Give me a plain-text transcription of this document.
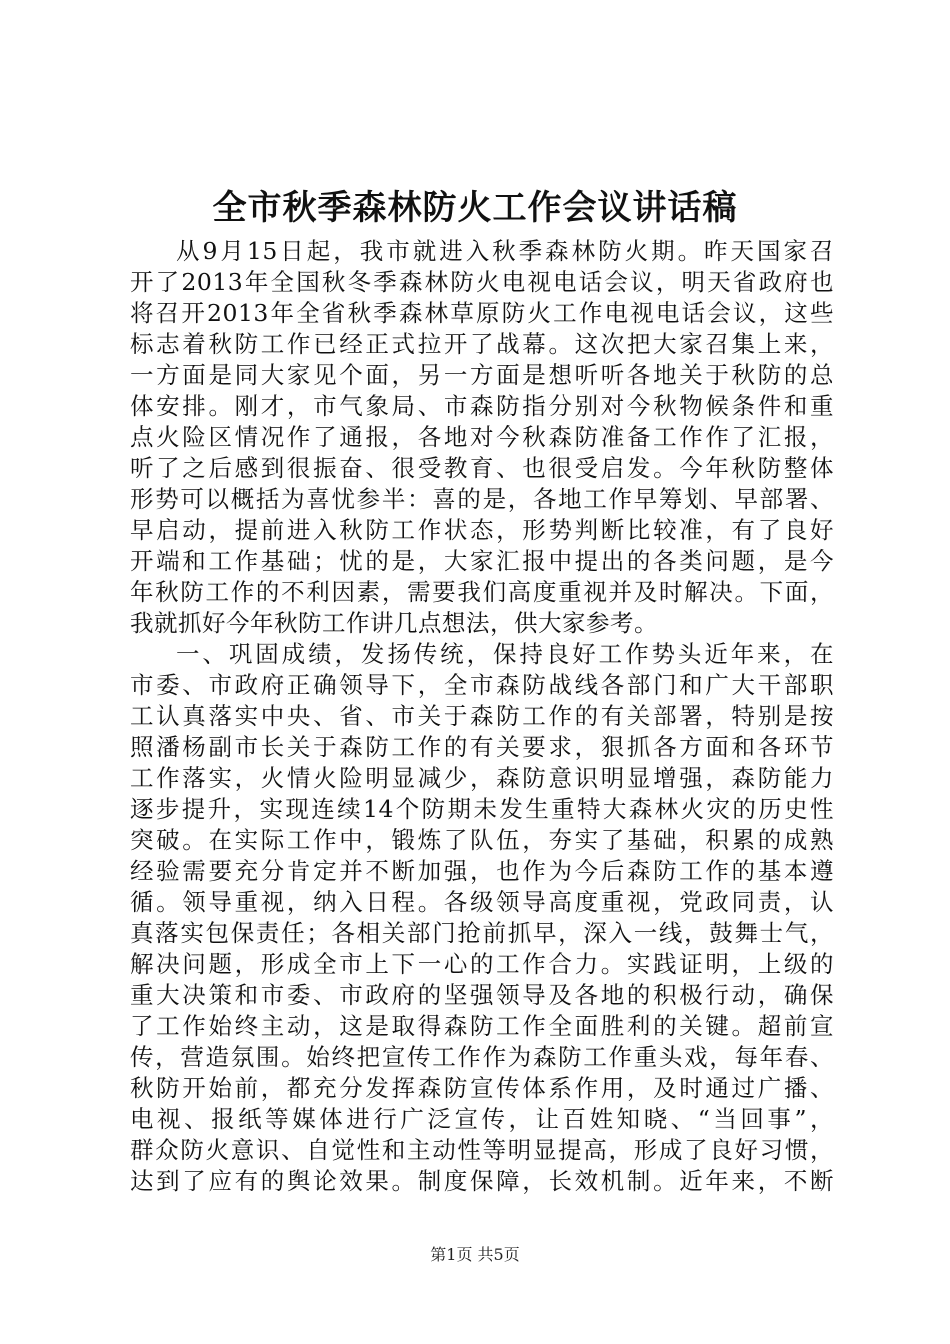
全市秋季森林防火工作会议讲话稿
从9月15日起，我市就进入秋季森林防火期。昨天国家召
开了2013年全国秋冬季森林防火电视电话会议，明天省政府也
将召开2013年全省秋季森林草原防火工作电视电话会议，这些
标志着秋防工作已经正式拉开了战幕。这次把大家召集上来，
一方面是同大家见个面，另一方面是想听听各地关于秋防的总
体安排。刚才，市气象局、市森防指分别对今秋物候条件和重
点火险区情况作了通报，各地对今秋森防准备工作作了汇报，
听了之后感到很振奋、很受教育、也很受启发。今年秋防整体
形势可以概括为喜忧参半：喜的是，各地工作早筹划、早部署、
早启动，提前进入秋防工作状态，形势判断比较准，有了良好
开端和工作基础；忧的是，大家汇报中提出的各类问题，是今
年秋防工作的不利因素，需要我们高度重视并及时解决。下面，
我就抓好今年秋防工作讲几点想法，供大家参考。
一、巩固成绩，发扬传统，保持良好工作势头近年来，在
市委、市政府正确领导下，全市森防战线各部门和广大干部职
工认真落实中央、省、市关于森防工作的有关部署，特别是按
照潘杨副市长关于森防工作的有关要求，狠抓各方面和各环节
工作落实，火情火险明显减少，森防意识明显增强，森防能力
逐步提升，实现连续14个防期未发生重特大森林火灾的历史性
突破。在实际工作中，锻炼了队伍，夯实了基础，积累的成熟
经验需要充分肯定并不断加强，也作为今后森防工作的基本遵
循。领导重视，纳入日程。各级领导高度重视，党政同责，认
真落实包保责任；各相关部门抢前抓早，深入一线，鼓舞士气，
解决问题，形成全市上下一心的工作合力。实践证明，上级的
重大决策和市委、市政府的坚强领导及各地的积极行动，确保
了工作始终主动，这是取得森防工作全面胜利的关键。超前宣
传，营造氛围。始终把宣传工作作为森防工作重头戏，每年春、
秋防开始前，都充分发挥森防宣传体系作用，及时通过广播、
电视、报纸等媒体进行广泛宣传，让百姓知晓、“当回事”，
群众防火意识、自觉性和主动性等明显提高，形成了良好习惯，
达到了应有的舆论效果。制度保障，长效机制。近年来，不断
第1页 共5页
